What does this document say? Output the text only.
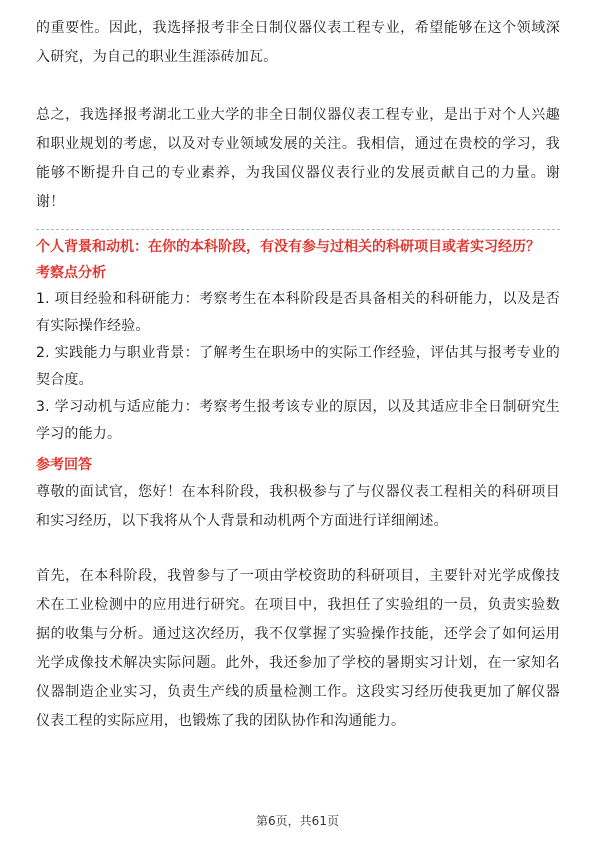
的重要性。因此，我选择报考非全日制仪器仪表工程专业，希望能够在这个领域深入研究，为自己的职业生涯添砖加瓦。

总之，我选择报考湖北工业大学的非全日制仪器仪表工程专业，是出于对个人兴趣和职业规划的考虑，以及对专业领域发展的关注。我相信，通过在贵校的学习，我能够不断提升自己的专业素养，为我国仪器仪表行业的发展贡献自己的力量。谢谢！

个人背景和动机：在你的本科阶段，有没有参与过相关的科研项目或者实习经历？

考察点分析

1. 项目经验和科研能力：考察考生在本科阶段是否具备相关的科研能力，以及是否有实际操作经验。

2. 实践能力与职业背景：了解考生在职场中的实际工作经验，评估其与报考专业的契合度。

3. 学习动机与适应能力：考察考生报考该专业的原因，以及其适应非全日制研究生学习的能力。

参考回答

尊敬的面试官，您好！在本科阶段，我积极参与了与仪器仪表工程相关的科研项目和实习经历，以下我将从个人背景和动机两个方面进行详细阐述。

首先，在本科阶段，我曾参与了一项由学校资助的科研项目，主要针对光学成像技术在工业检测中的应用进行研究。在项目中，我担任了实验组的一员，负责实验数据的收集与分析。通过这次经历，我不仅掌握了实验操作技能，还学会了如何运用光学成像技术解决实际问题。此外，我还参加了学校的暑期实习计划，在一家知名仪器制造企业实习，负责生产线的质量检测工作。这段实习经历使我更加了解仪器仪表工程的实际应用，也锻炼了我的团队协作和沟通能力。

第6页，共61页
